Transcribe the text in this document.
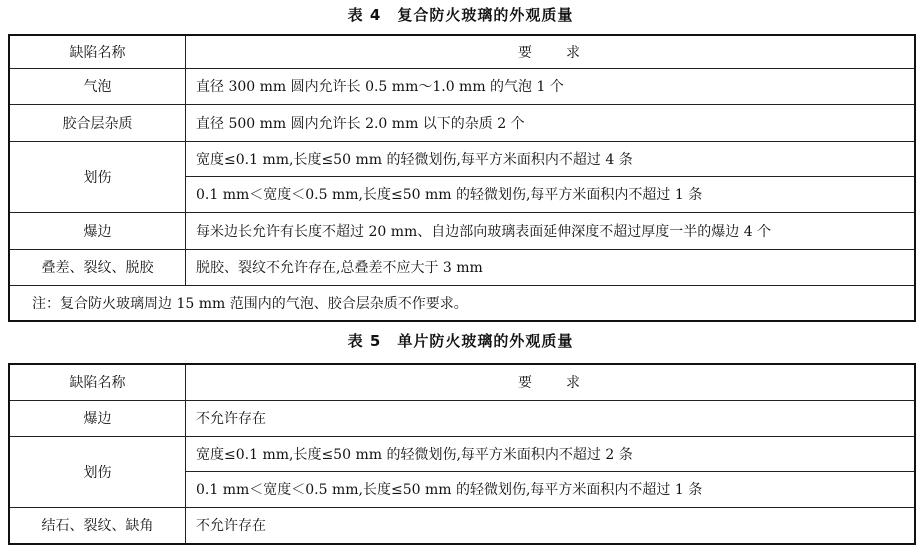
表 4　复合防火玻璃的外观质量
缺陷名称	要　　求
气泡	直径 300 mm 圆内允许长 0.5 mm～1.0 mm 的气泡 1 个
胶合层杂质	直径 500 mm 圆内允许长 2.0 mm 以下的杂质 2 个
划伤	宽度≤0.1 mm,长度≤50 mm 的轻微划伤,每平方米面积内不超过 4 条
	0.1 mm＜宽度＜0.5 mm,长度≤50 mm 的轻微划伤,每平方米面积内不超过 1 条
爆边	每米边长允许有长度不超过 20 mm、自边部向玻璃表面延伸深度不超过厚度一半的爆边 4 个
叠差、裂纹、脱胶	脱胶、裂纹不允许存在,总叠差不应大于 3 mm
注：复合防火玻璃周边 15 mm 范围内的气泡、胶合层杂质不作要求。	
表 5　单片防火玻璃的外观质量
缺陷名称	要　　求
爆边	不允许存在
划伤	宽度≤0.1 mm,长度≤50 mm 的轻微划伤,每平方米面积内不超过 2 条
	0.1 mm＜宽度＜0.5 mm,长度≤50 mm 的轻微划伤,每平方米面积内不超过 1 条
结石、裂纹、缺角	不允许存在
